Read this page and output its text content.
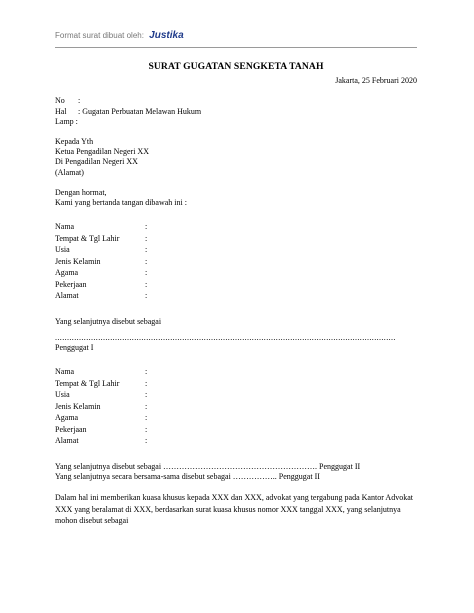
Format surat dibuat oleh: Justika
SURAT GUGATAN SENGKETA TANAH
Jakarta, 25 Februari 2020
No :
Hal : Gugatan Perbuatan Melawan Hukum
Lamp :
Kepada Yth
Ketua Pengadilan Negeri XX
Di Pengadilan Negeri XX
(Alamat)
Dengan hormat,
Kami yang bertanda tangan dibawah ini :
Nama	:
Tempat & Tgl Lahir	:
Usia	:
Jenis Kelamin	:
Agama	:
Pekerjaan	:
Alamat	:
Yang selanjutnya disebut sebagai
..............................................................................................................................................
Penggugat I
Nama	:
Tempat & Tgl Lahir	:
Usia	:
Jenis Kelamin	:
Agama	:
Pekerjaan	:
Alamat	:
Yang selanjutnya disebut sebagai …………………………………………………. Penggugat II
Yang selanjutnya secara bersama-sama disebut sebagai …………….. Penggugat II
Dalam hal ini memberikan kuasa khusus kepada XXX dan XXX, advokat yang tergabung pada Kantor Advokat XXX yang beralamat di XXX, berdasarkan surat kuasa khusus nomor XXX tanggal XXX, yang selanjutnya mohon disebut sebagai
